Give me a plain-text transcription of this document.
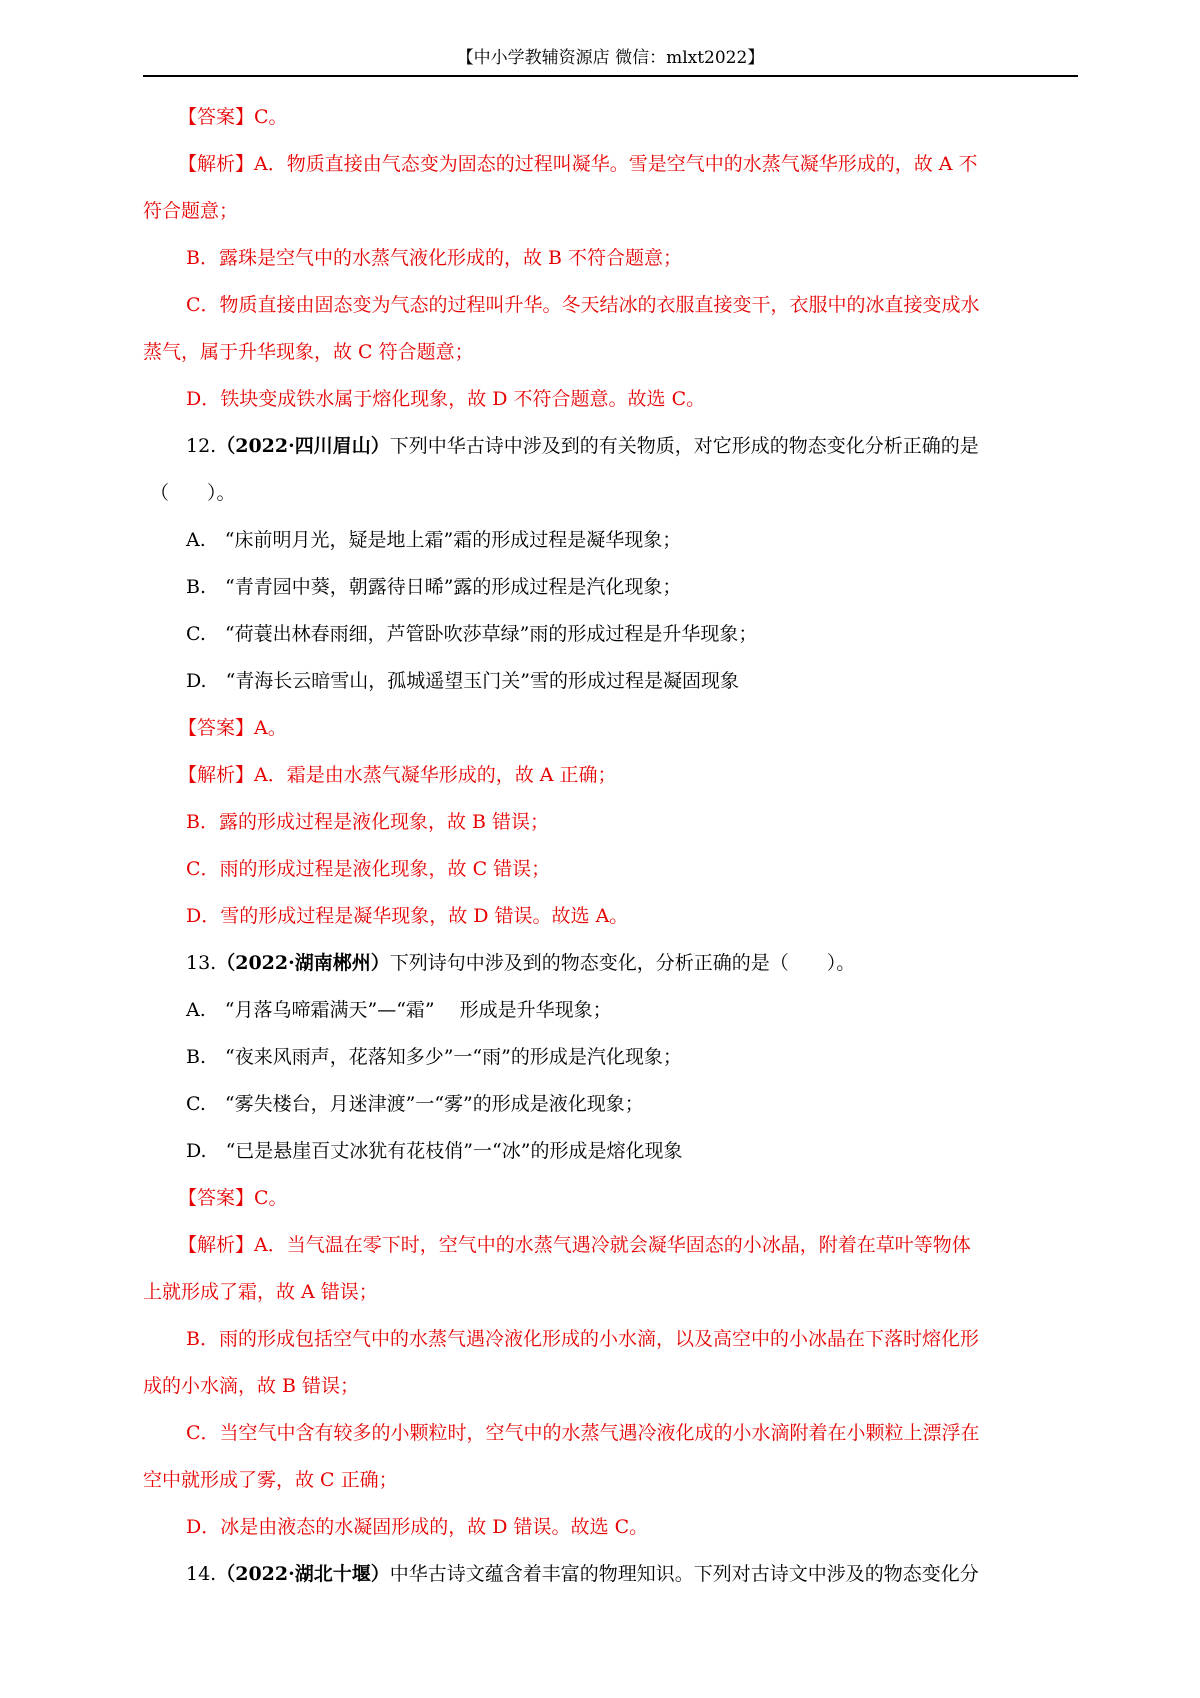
【中小学教辅资源店 微信：mlxt2022】
【答案】C。
【解析】A．物质直接由气态变为固态的过程叫凝华。雪是空气中的水蒸气凝华形成的，故 A 不
符合题意；
B．露珠是空气中的水蒸气液化形成的，故 B 不符合题意；
C．物质直接由固态变为气态的过程叫升华。冬天结冰的衣服直接变干，衣服中的冰直接变成水
蒸气，属于升华现象，故 C 符合题意；
D．铁块变成铁水属于熔化现象，故 D 不符合题意。故选 C。
12.（2022·四川眉山）下列中华古诗中涉及到的有关物质，对它形成的物态变化分析正确的是
（　　）。
A.　“床前明月光，疑是地上霜”霜的形成过程是凝华现象；
B.　“青青园中葵，朝露待日晞”露的形成过程是汽化现象；
C.　“荷蓑出林春雨细，芦管卧吹莎草绿”雨的形成过程是升华现象；
D.　“青海长云暗雪山，孤城遥望玉门关”雪的形成过程是凝固现象
【答案】A。
【解析】A．霜是由水蒸气凝华形成的，故 A 正确；
B．露的形成过程是液化现象，故 B 错误；
C．雨的形成过程是液化现象，故 C 错误；
D．雪的形成过程是凝华现象，故 D 错误。故选 A。
13.（2022·湖南郴州）下列诗句中涉及到的物态变化，分析正确的是（　　）。
A.　“月落乌啼霜满天”—“霜”　 形成是升华现象；
B.　“夜来风雨声，花落知多少”一“雨”的形成是汽化现象；
C.　“雾失楼台，月迷津渡”一“雾”的形成是液化现象；
D.　“已是悬崖百丈冰犹有花枝俏”一“冰”的形成是熔化现象
【答案】C。
【解析】A．当气温在零下时，空气中的水蒸气遇冷就会凝华固态的小冰晶，附着在草叶等物体
上就形成了霜，故 A 错误；
B．雨的形成包括空气中的水蒸气遇冷液化形成的小水滴，以及高空中的小冰晶在下落时熔化形
成的小水滴，故 B 错误；
C．当空气中含有较多的小颗粒时，空气中的水蒸气遇冷液化成的小水滴附着在小颗粒上漂浮在
空中就形成了雾，故 C 正确；
D．冰是由液态的水凝固形成的，故 D 错误。故选 C。
14.（2022·湖北十堰）中华古诗文蕴含着丰富的物理知识。下列对古诗文中涉及的物态变化分
